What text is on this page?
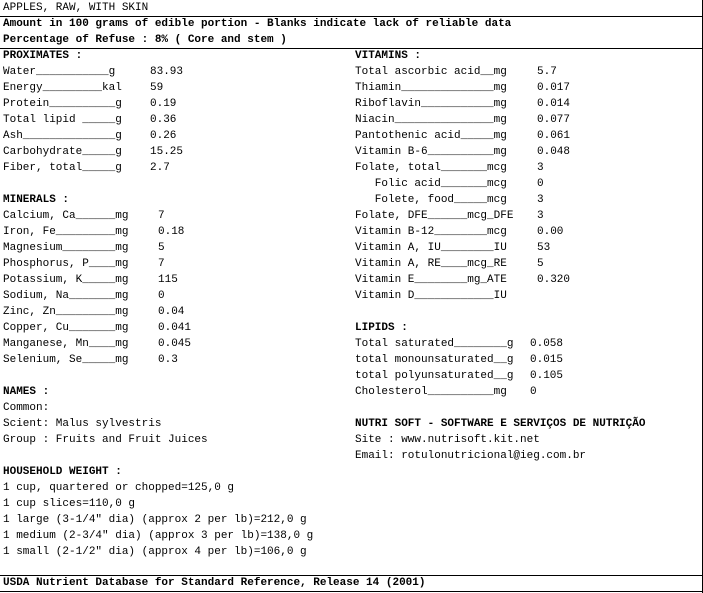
APPLES, RAW, WITH SKIN
Amount in 100 grams of edible portion - Blanks indicate lack of reliable data
Percentage of Refuse : 8% ( Core and stem )
PROXIMATES :
Water___________g	83.93
Energy_________kal	59
Protein__________g	0.19
Total lipid _____g	0.36
Ash______________g	0.26
Carbohydrate_____g	15.25
Fiber, total_____g	2.7
MINERALS :
Calcium, Ca______mg	7
Iron, Fe_________mg	0.18
Magnesium________mg	5
Phosphorus, P____mg	7
Potassium, K_____mg	115
Sodium, Na_______mg	0
Zinc, Zn_________mg	0.04
Copper, Cu_______mg	0.041
Manganese, Mn____mg	0.045
Selenium, Se_____mg	0.3
NAMES :
Common:
Scient: Malus sylvestris
Group : Fruits and Fruit Juices
HOUSEHOLD WEIGHT :
1 cup, quartered or chopped=125,0 g
1 cup slices=110,0 g
1 large (3-1/4" dia) (approx 2 per lb)=212,0 g
1 medium (2-3/4" dia) (approx 3 per lb)=138,0 g
1 small (2-1/2" dia) (approx 4 per lb)=106,0 g
VITAMINS :
Total ascorbic acid__mg	5.7
Thiamin______________mg	0.017
Riboflavin___________mg	0.014
Niacin_______________mg	0.077
Pantothenic acid_____mg	0.061
Vitamin B-6__________mg	0.048
Folate, total_______mcg	3
Folic acid_______mcg	0
Folete, food_____mcg	3
Folate, DFE______mcg_DFE 3
Vitamin B-12________mcg	0.00
Vitamin A, IU________IU	53
Vitamin A, RE____mcg_RE	5
Vitamin E________mg_ATE	0.320
Vitamin D____________IU
LIPIDS :
Total saturated________g 0.058
total monounsaturated__g 0.015
total polyunsaturated__g 0.105
Cholesterol__________mg 0
NUTRI SOFT - SOFTWARE E SERVIÇOS DE NUTRIÇÃO
Site : www.nutrisoft.kit.net
Email: rotulonutricional@ieg.com.br
USDA Nutrient Database for Standard Reference, Release 14 (2001)
